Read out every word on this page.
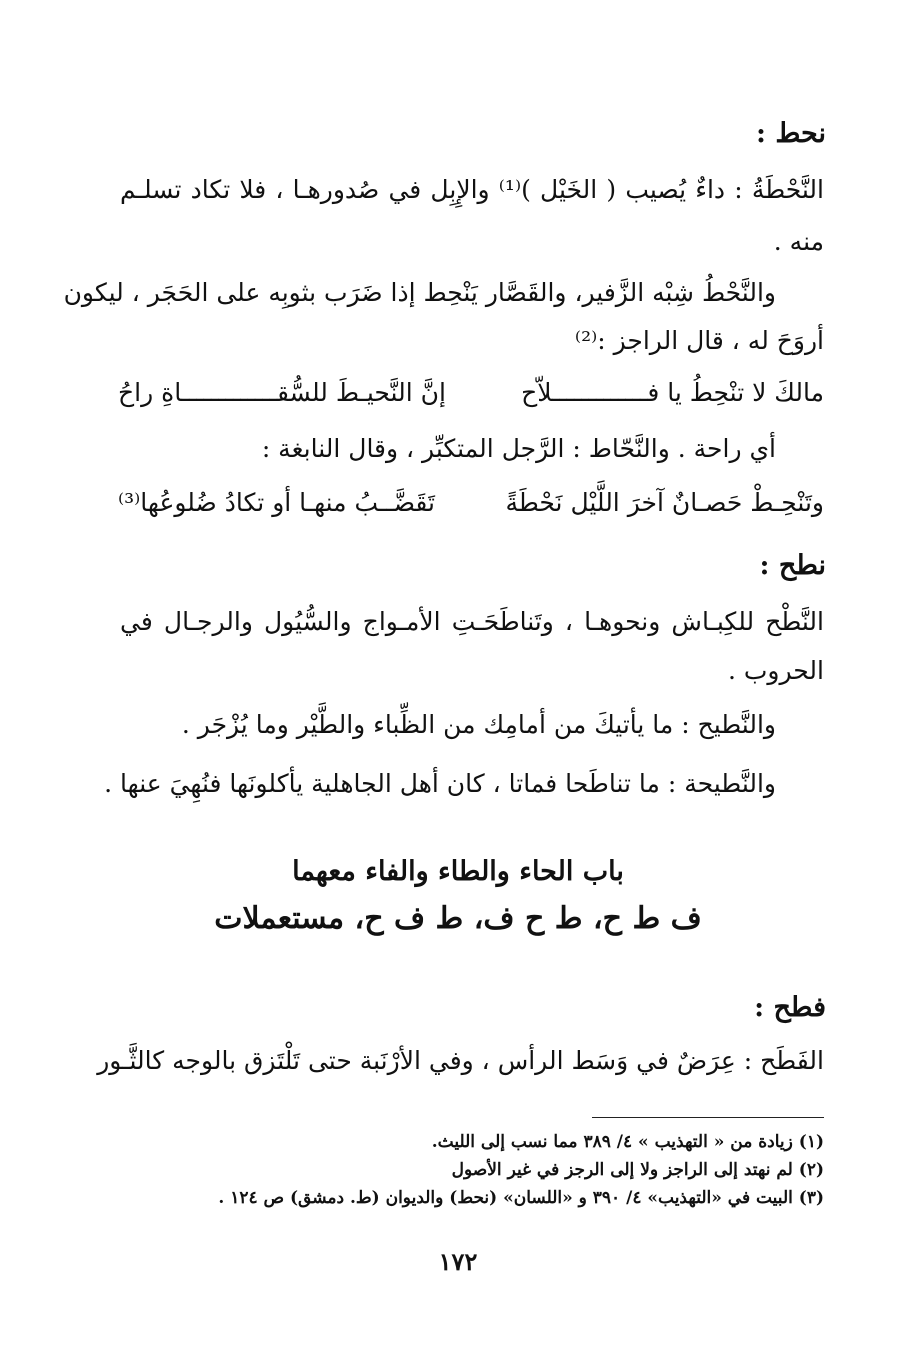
نحط :
النَّحْطَةُ : داءٌ يُصيب ( الخَيْل )⁽¹⁾ والإِبِل في صُدورهـا ، فلا تكاد تسلـم
منه .
والنَّحْطُ شِبْه الزَّفير، والقَصَّار يَنْحِط إذا ضَرَب بثوبِه على الحَجَر ، ليكون
أروَحَ له ، قال الراجز :⁽²⁾
مالكَ لا تنْحِطُ يا فـــــــــــــلاّح
إنَّ النَّحيـطَ للسُّقـــــــــــــاةِ راحُ
أي راحة . والنَّحّاط : الرَّجل المتكبِّر ، وقال النابغة :
وتَنْحِـطْ حَصـانٌ آخرَ اللَّيْل نَحْطَةً
تَقَضَّــبُ منهـا أو تكادُ ضُلوعُها⁽³⁾
نطح :
النَّطْح للكِبـاش ونحوهـا ، وتَناطَحَـتِ الأمـواج والسُّيُول والرجـال في
الحروب .
والنَّطيح : ما يأتيكَ من أمامِك من الظِّباء والطَّيْر وما يُزْجَر .
والنَّطيحة : ما تناطَحا فماتا ، كان أهل الجاهلية يأكلونَها فنُهِيَ عنها .
باب الحاء والطاء والفاء معهما
ف ط ح، ط ح ف، ط ف ح، مستعملات
فطح :
الفَطَح : عِرَضٌ في وَسَط الرأس ، وفي الأرْنَبة حتى تَلْتَزق بالوجه كالثَّـور
(١) زيادة من « التهذيب » ٤/ ٣٨٩ مما نسب إلى الليث.
(٢) لم نهتد إلى الراجز ولا إلى الرجز في غير الأصول
(٣) البيت في «التهذيب» ٤/ ٣٩٠ و «اللسان» (نحط) والديوان (ط. دمشق) ص ١٢٤ .
١٧٢
